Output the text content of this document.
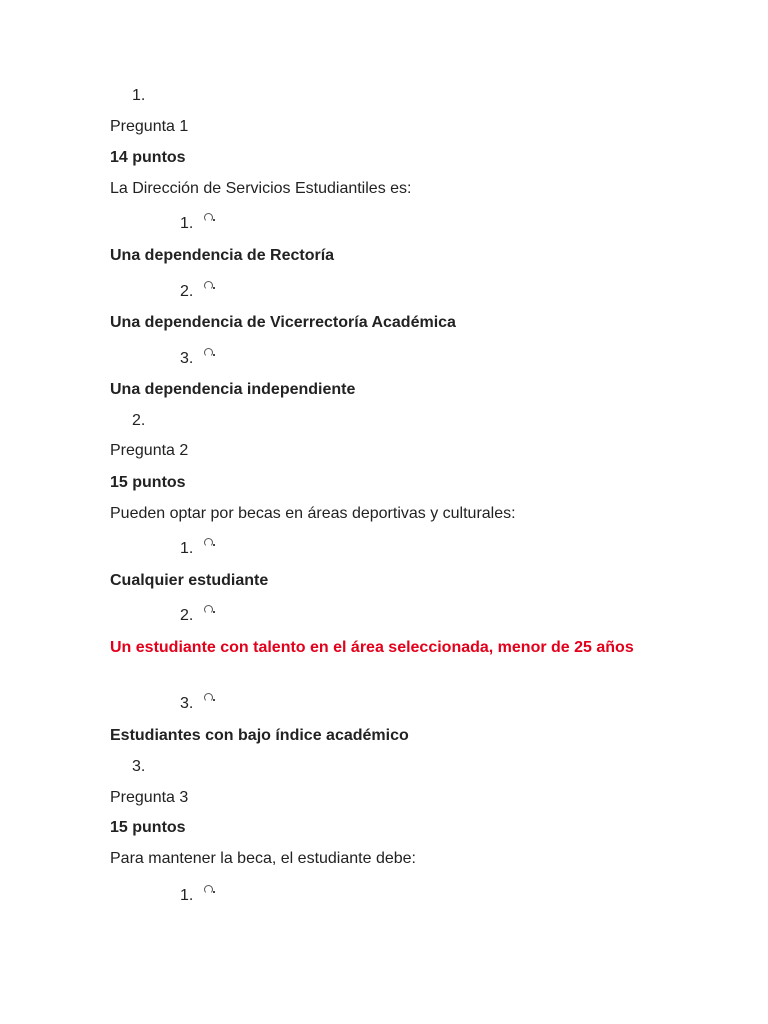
1.
Pregunta 1
14 puntos
La Dirección de Servicios Estudiantiles es:
1.
Una dependencia de Rectoría
2.
Una dependencia de Vicerrectoría Académica
3.
Una dependencia independiente
2.
Pregunta 2
15 puntos
Pueden optar por becas en áreas deportivas y culturales:
1.
Cualquier estudiante
2.
Un estudiante con talento en el área seleccionada, menor de 25 años
3.
Estudiantes con bajo índice académico
3.
Pregunta 3
15 puntos
Para mantener la beca, el estudiante debe:
1.
